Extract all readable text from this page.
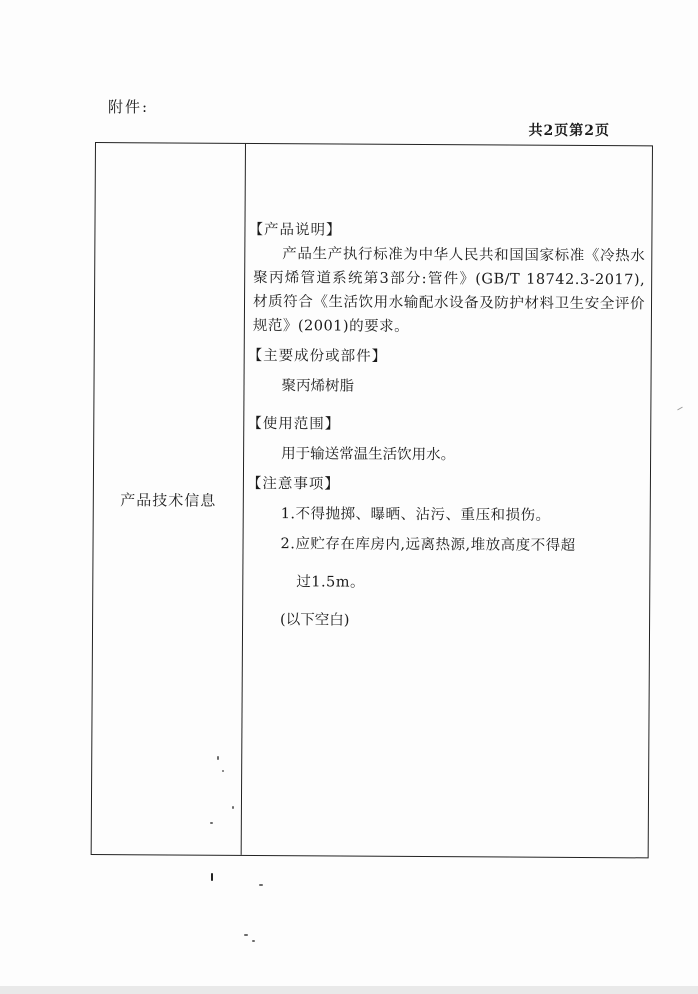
附件:
共2页第2页
产品技术信息
【产品说明】
产品生产执行标准为中华人民共和国国家标准《冷热水聚丙烯管道系统第3部分:管件》(GB/T 18742.3-2017),材质符合《生活饮用水输配水设备及防护材料卫生安全评价规范》(2001)的要求。
【主要成份或部件】
聚丙烯树脂
【使用范围】
用于输送常温生活饮用水。
【注意事项】
1.不得抛掷、曝晒、沾污、重压和损伤。
2.应贮存在库房内,远离热源,堆放高度不得超
过1.5m。
(以下空白)
